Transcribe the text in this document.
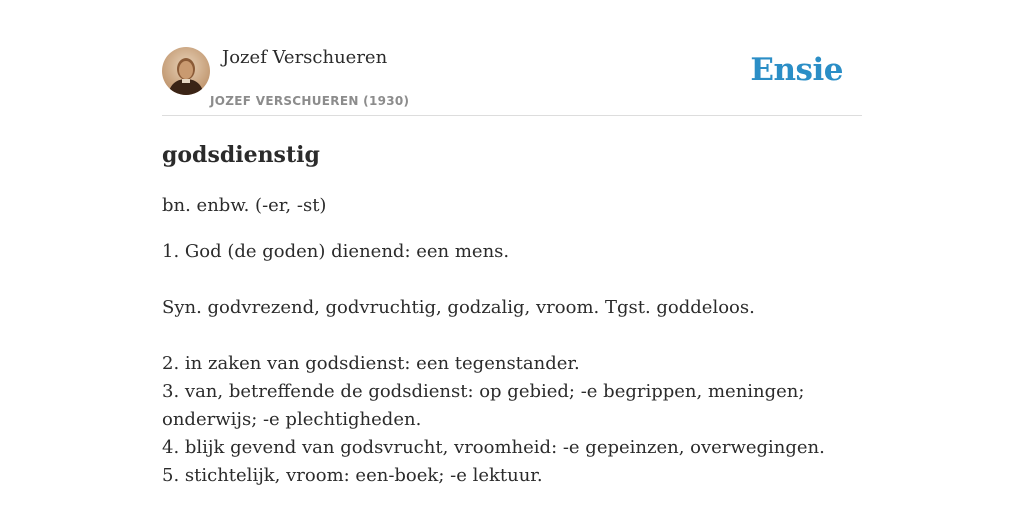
Jozef Verschueren
JOZEF VERSCHUEREN (1930)
Ensie
godsdienstig
bn. enbw. (-er, -st)
1. God (de goden) dienend: een mens.
Syn. godvrezend, godvruchtig, godzalig, vroom. Tgst. goddeloos.
2. in zaken van godsdienst: een tegenstander.
3. van, betreffende de godsdienst: op gebied; -e begrippen, meningen; onderwijs; -e plechtigheden.
4. blijk gevend van godsvrucht, vroomheid: -e gepeinzen, overwegingen.
5. stichtelijk, vroom: een-boek; -e lektuur.
